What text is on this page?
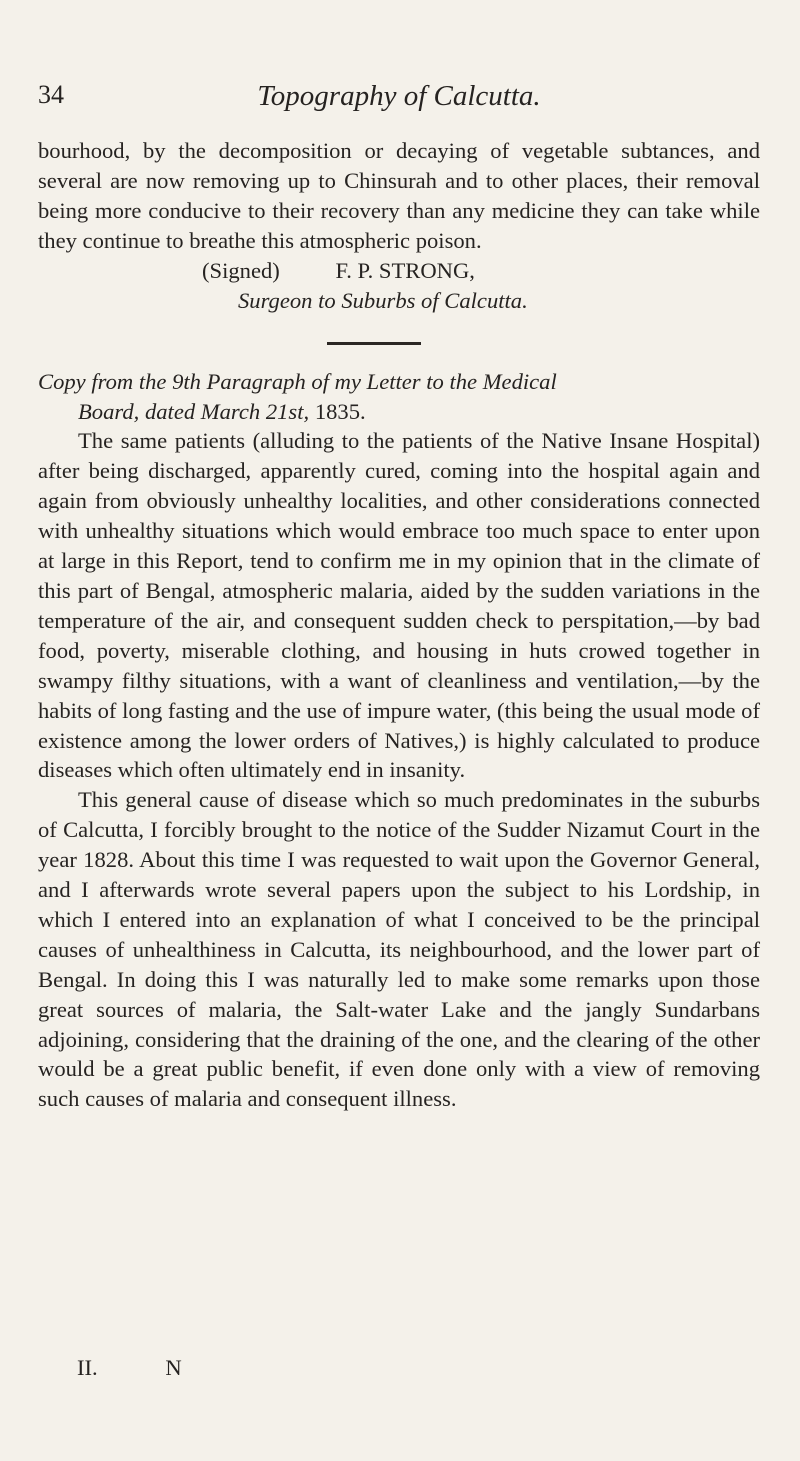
34	Topography of Calcutta.

bourhood, by the decomposition or decaying of vegetable subtances, and several are now removing up to Chinsurah and to other places, their removal being more conducive to their recovery than any medicine they can take while they continue to breathe this atmospheric poison.

(Signed) F. P. STRONG,

Surgeon to Suburbs of Calcutta.

Copy from the 9th Paragraph of my Letter to the Medical
Board, dated March 21st, 1835.

The same patients (alluding to the patients of the Native Insane Hospital) after being discharged, apparently cured, coming into the hospital again and again from obviously unhealthy localities, and other considerations connected with unhealthy situations which would embrace too much space to enter upon at large in this Report, tend to confirm me in my opinion that in the climate of this part of Bengal, atmospheric malaria, aided by the sudden variations in the temperature of the air, and consequent sudden check to perspitation,—by bad food, poverty, miserable clothing, and housing in huts crowed together in swampy filthy situations, with a want of cleanliness and ventilation,—by the habits of long fasting and the use of impure water, (this being the usual mode of existence among the lower orders of Natives,) is highly calculated to produce diseases which often ultimately end in insanity.

This general cause of disease which so much predominates in the suburbs of Calcutta, I forcibly brought to the notice of the Sudder Nizamut Court in the year 1828. About this time I was requested to wait upon the Governor General, and I afterwards wrote several papers upon the subject to his Lordship, in which I entered into an explanation of what I conceived to be the principal causes of unhealthiness in Calcutta, its neighbourhood, and the lower part of Bengal. In doing this I was naturally led to make some remarks upon those great sources of malaria, the Salt-water Lake and the jangly Sundarbans adjoining, considering that the draining of the one, and the clearing of the other would be a great public benefit, if even done only with a view of removing such causes of malaria and consequent illness.

II.	N
